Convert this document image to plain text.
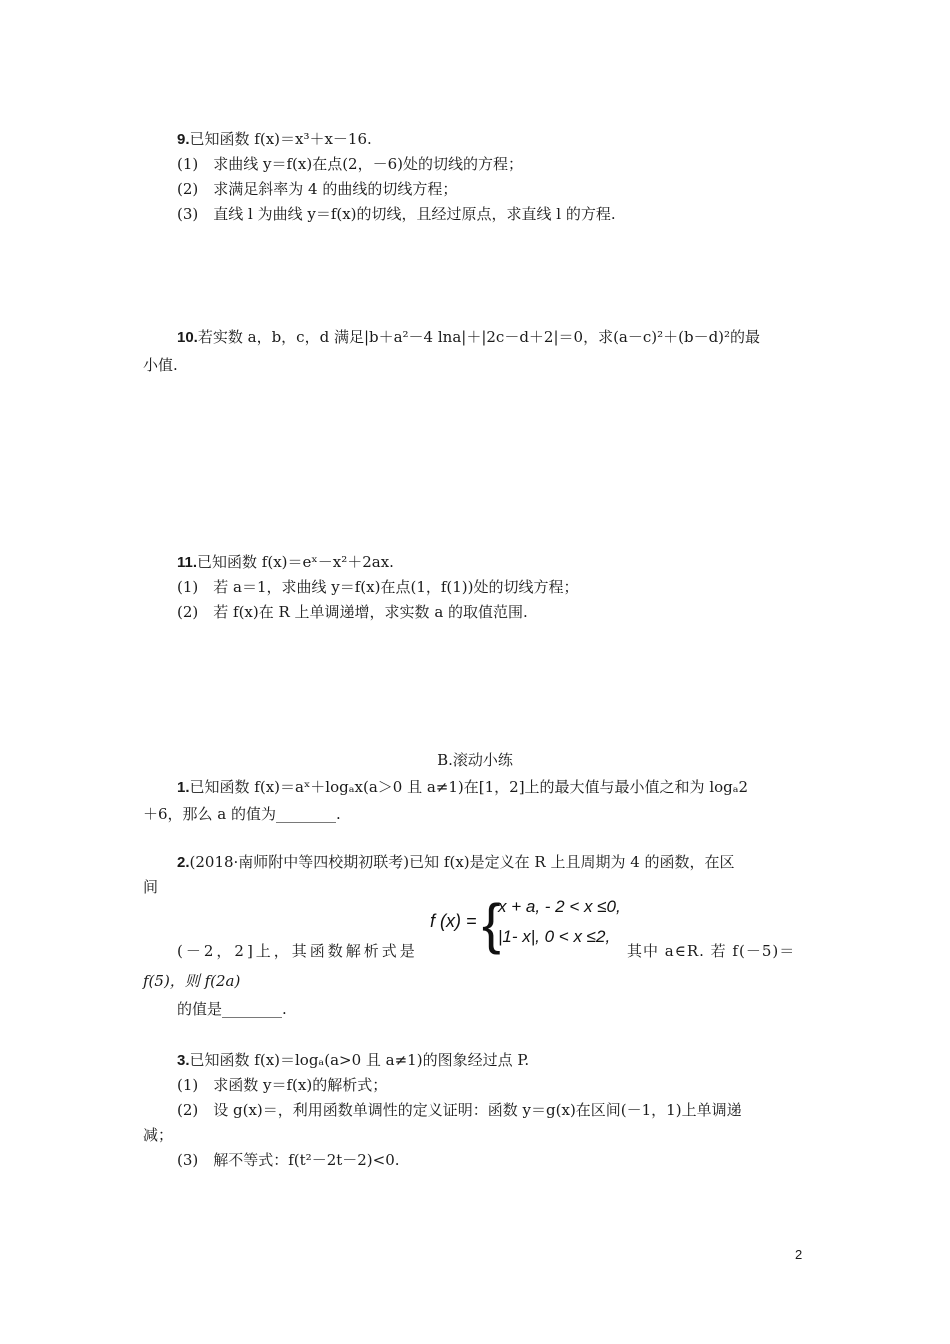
9.已知函数 f(x)＝x³＋x－16.
(1)　求曲线 y＝f(x)在点(2，－6)处的切线的方程；
(2)　求满足斜率为 4 的曲线的切线方程；
(3)　直线 l 为曲线 y＝f(x)的切线，且经过原点，求直线 l 的方程.
10.若实数 a，b，c，d 满足|b＋a²－4 lna|＋|2c－d＋2|＝0，求(a－c)²＋(b－d)²的最
小值.
11.已知函数 f(x)＝eˣ－x²＋2ax.
(1)　若 a＝1，求曲线 y＝f(x)在点(1，f(1))处的切线方程；
(2)　若 f(x)在 R 上单调递增，求实数 a 的取值范围.
B.滚动小练
1.已知函数 f(x)＝aˣ＋logₐx(a＞0 且 a≠1)在[1，2]上的最大值与最小值之和为 logₐ2
＋6，那么 a 的值为________.
2.(2018·南师附中等四校期初联考)已知 f(x)是定义在 R 上且周期为 4 的函数，在区
间
(－2，2]上，其函数解析式是
f (x) = {
x + a, - 2 < x ≤0,
|1- x|, 0 < x ≤2,
其中 a∈R. 若 f(－5)＝
f(5)，则 f(2a)
的值是________.
3.已知函数 f(x)＝logₐ(a>0 且 a≠1)的图象经过点 P.
(1)　求函数 y＝f(x)的解析式；
(2)　设 g(x)＝，利用函数单调性的定义证明：函数 y＝g(x)在区间(－1，1)上单调递
减；
(3)　解不等式：f(t²－2t－2)<0.
2
